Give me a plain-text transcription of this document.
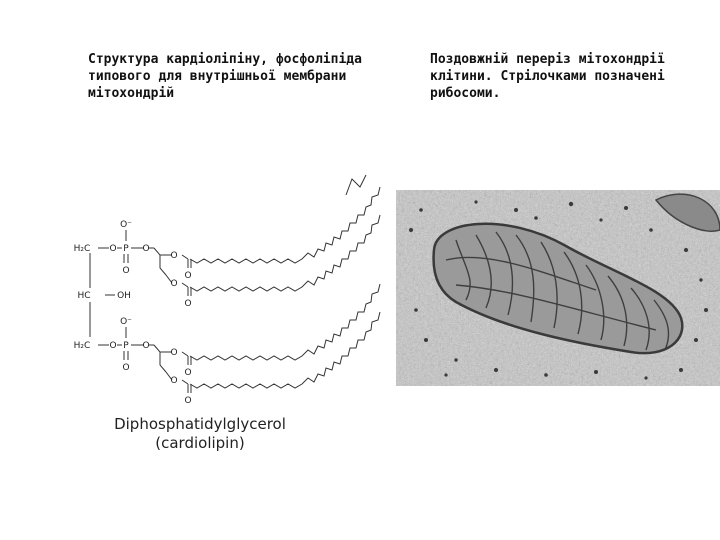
Структура кардіоліпіну, фосфоліпіда
типового для внутрішньої мембрани
мітохондрій
Поздовжній переріз мітохондрії
клітини. Стрілочками позначені
рибосоми.
H₂C O P
O⁻
O
O
O
O
O
O
HC	OH
H₂C O P
O⁻
O
O
O
O
O
O
Diphosphatidylglycerol
(cardiolipin)
